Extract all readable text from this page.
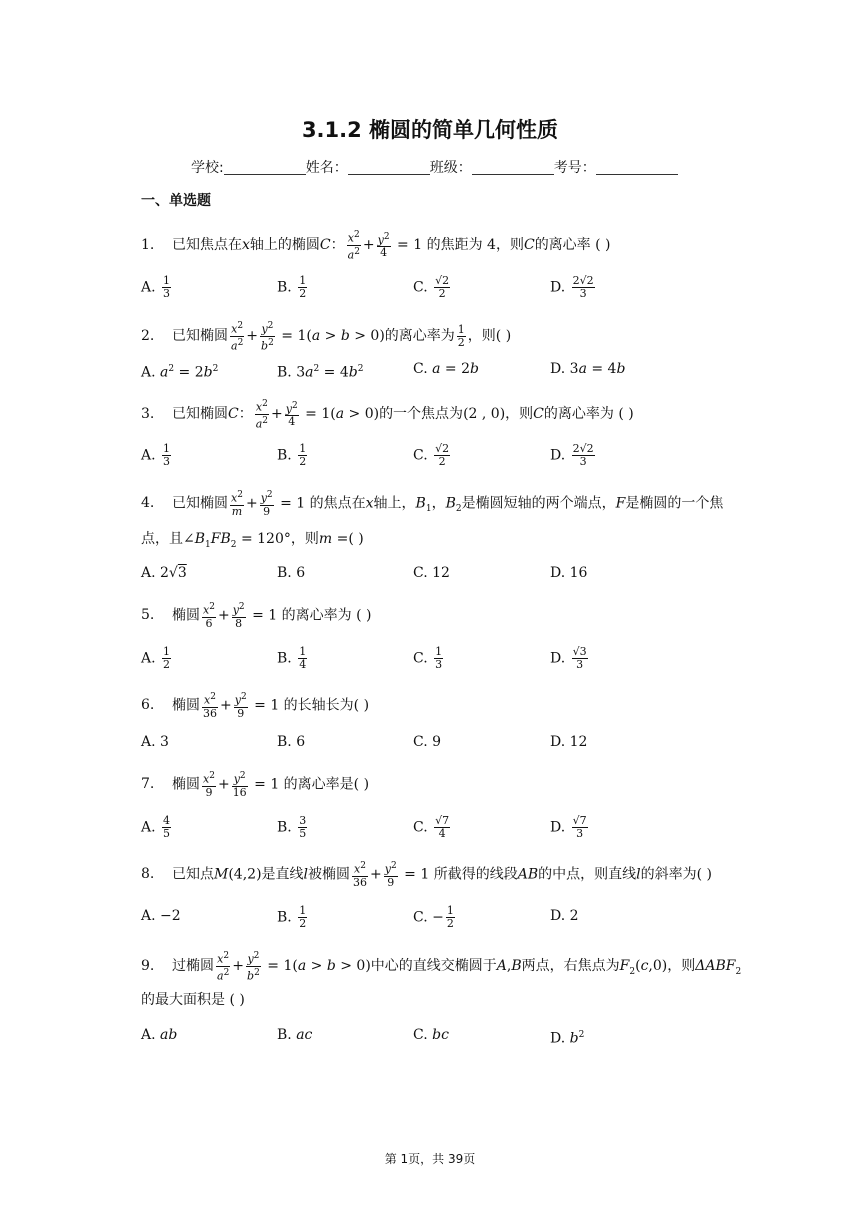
3.1.2 椭圆的简单几何性质
学校:	姓名：	班级：	考号：
一、单选题
1. 已知焦点在x轴上的椭圆C： $\frac{x^2}{a^2} + \frac{y^2}{4} = 1$ 的焦距为 4，则C的离心率 ( )
A. $\frac{1}{3}$	B. $\frac{1}{2}$	C. $\frac{√2}{2}$	D. $\frac{2√2}{3}$
2. 已知椭圆 $\frac{x^2}{a^2} + \frac{y^2}{b^2} = 1(a > b > 0)$的离心率为 $\frac{1}{2}$ ，则( )
A. $a^2 = 2b^2$	B. $3a^2 = 4b^2$	C. a = 2b	D. 3a = 4b
3. 已知椭圆C： $\frac{x^2}{a^2} + \frac{y^2}{4} = 1(a > 0)$的一个焦点为(2 , 0)，则C的离心率为 ( )
A. $\frac{1}{3}$	B. $\frac{1}{2}$	C. $\frac{√2}{2}$	D. $\frac{2√2}{3}$
4. 已知椭圆 $\frac{x^2}{m} + \frac{y^2}{9} = 1$ 的焦点在x轴上，$B_1$，$B_2$是椭圆短轴的两个端点，F是椭圆的一个焦
点，且$\angle B_1FB_2 = 120^\circ$，则m =( )
A. 2√3	B. 6	C. 12	D. 16
5. 椭圆 $\frac{x^2}{6} + \frac{y^2}{8} = 1$ 的离心率为 ( )
A. $\frac{1}{2}$	B. $\frac{1}{4}$	C. $\frac{1}{3}$	D. $\frac{√3}{3}$
6. 椭圆 $\frac{x^2}{36} + \frac{y^2}{9} = 1$ 的长轴长为( )
A. 3	B. 6	C. 9	D. 12
7. 椭圆 $\frac{x^2}{9} + \frac{y^2}{16} = 1$ 的离心率是( )
A. $\frac{4}{5}$	B. $\frac{3}{5}$	C. $\frac{√7}{4}$	D. $\frac{√7}{3}$
8. 已知点M(4,2)是直线l被椭圆 $\frac{x^2}{36} + \frac{y^2}{9} = 1$ 所截得的线段AB的中点，则直线l的斜率为( )
A. −2	B. $\frac{1}{2}$	C. − $\frac{1}{2}$	D. 2
9. 过椭圆 $\frac{x^2}{a^2} + \frac{y^2}{b^2} = 1(a > b > 0)$中心的直线交椭圆于A,B两点，右焦点为$F_2(c,0)$，则$\Delta ABF_2$
的最大面积是 ( )
A. ab	B. ac	C. bc	D. $b^2$
第 1页，共 39页
